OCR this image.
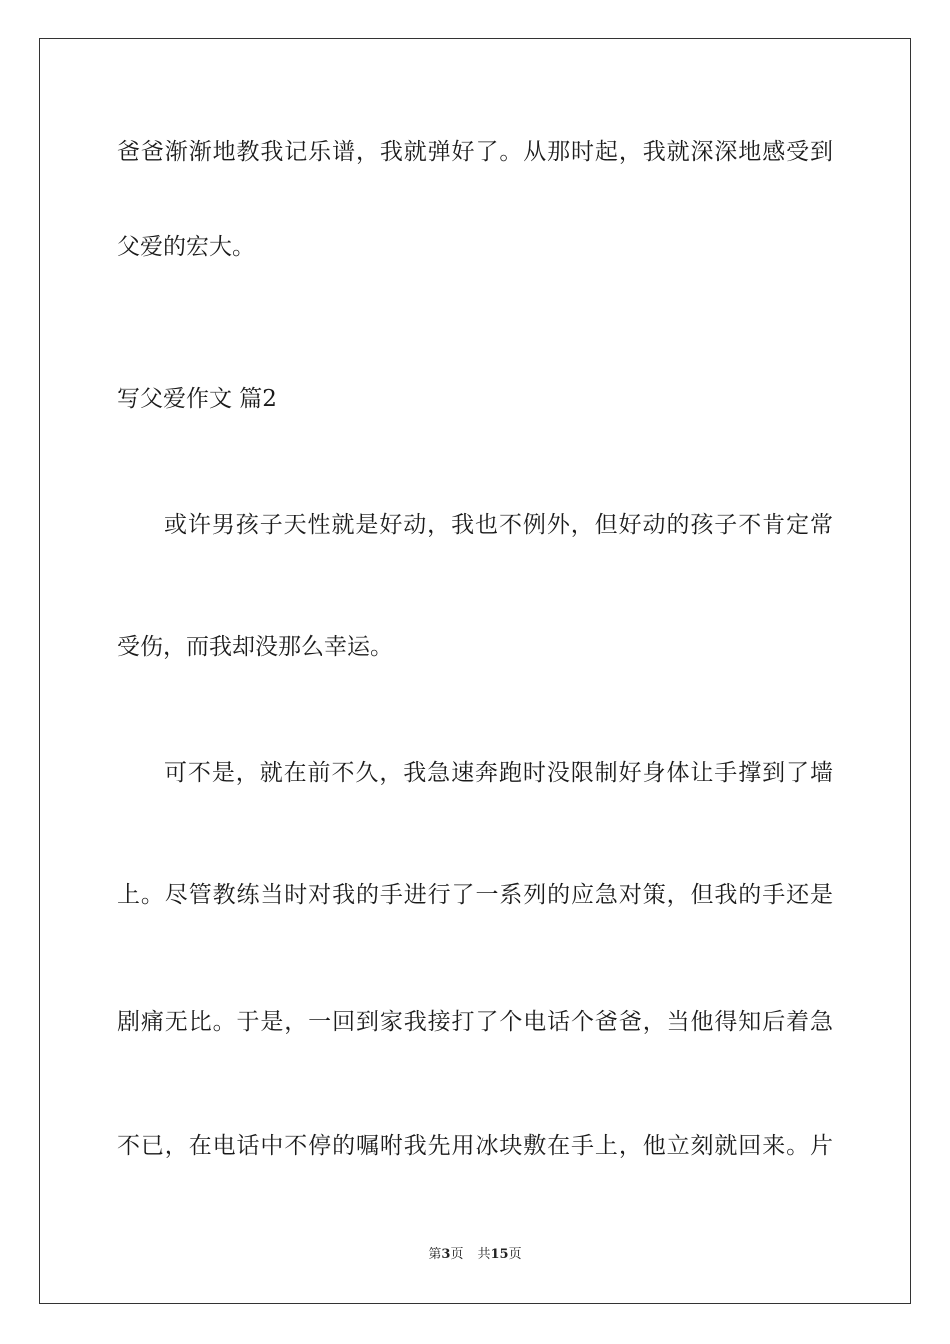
爸爸渐渐地教我记乐谱，我就弹好了。从那时起，我就深深地感受到
父爱的宏大。
写父爱作文 篇2
或许男孩子天性就是好动，我也不例外，但好动的孩子不肯定常
受伤，而我却没那么幸运。
可不是，就在前不久，我急速奔跑时没限制好身体让手撑到了墙
上。尽管教练当时对我的手进行了一系列的应急对策，但我的手还是
剧痛无比。于是，一回到家我接打了个电话个爸爸，当他得知后着急
不已，在电话中不停的嘱咐我先用冰块敷在手上，他立刻就回来。片
第3页 共15页
